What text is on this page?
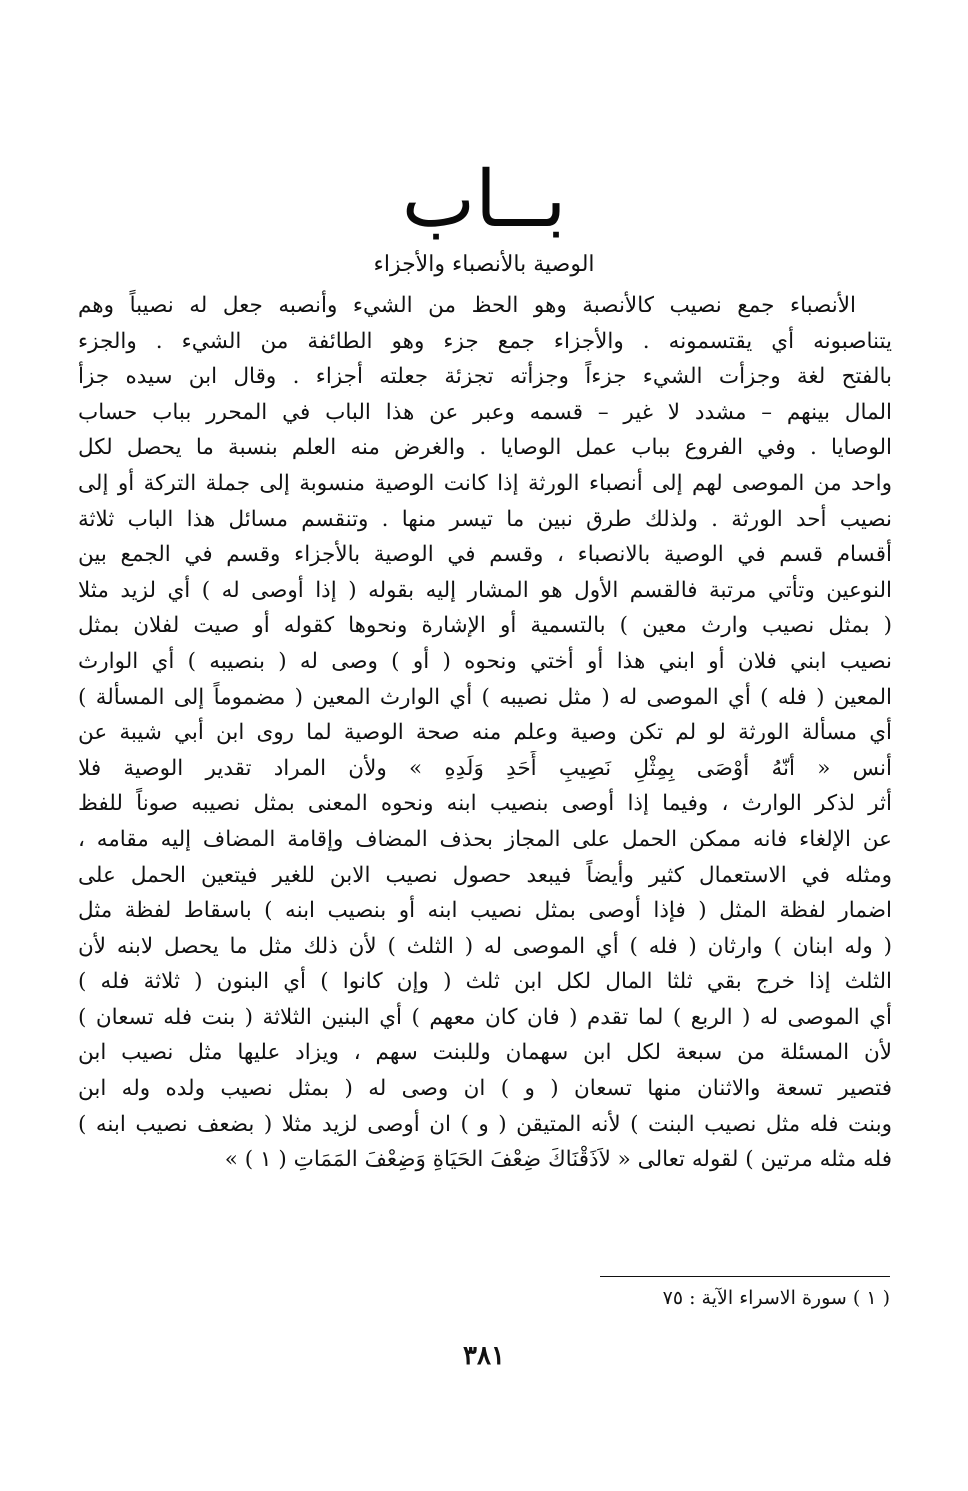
بــاب
الوصية بالأنصباء والأجزاء
الأنصباء جمع نصيب كالأنصبة وهو الحظ من الشيء وأنصبه جعل له نصيباً وهم
يتناصبونه أي يقتسمونه . والأجزاء جمع جزء وهو الطائفة من الشيء . والجزء
بالفتح لغة وجزأت الشيء جزءاً وجزأته تجزئة جعلته أجزاء . وقال ابن سيده جزأ
المال بينهم – مشدد لا غير – قسمه وعبر عن هذا الباب في المحرر بباب حساب
الوصايا . وفي الفروع بباب عمل الوصايا . والغرض منه العلم بنسبة ما يحصل لكل
واحد من الموصى لهم إلى أنصباء الورثة إذا كانت الوصية منسوبة إلى جملة التركة أو إلى
نصيب أحد الورثة . ولذلك طرق نبين ما تيسر منها . وتنقسم مسائل هذا الباب ثلاثة
أقسام قسم في الوصية بالانصباء ، وقسم في الوصية بالأجزاء وقسم في الجمع بين
النوعين وتأتي مرتبة فالقسم الأول هو المشار إليه بقوله ( إذا أوصى له ) أي لزيد مثلا
( بمثل نصيب وارث معين ) بالتسمية أو الإشارة ونحوها كقوله أو صيت لفلان بمثل
نصيب ابني فلان أو ابني هذا أو أختي ونحوه ( أو ) وصى له ( بنصيبه ) أي الوارث
المعين ( فله ) أي الموصى له ( مثل نصيبه ) أي الوارث المعين ( مضموماً إلى المسألة )
أي مسألة الورثة لو لم تكن وصية وعلم منه صحة الوصية لما روى ابن أبي شيبة عن
أنس « أنّهُ أوْصَى بِمِثْلِ نَصِيبِ أَحَدِ وَلَدِهِ » ولأن المراد تقدير الوصية فلا
أثر لذكر الوارث ، وفيما إذا أوصى بنصيب ابنه ونحوه المعنى بمثل نصيبه صوناً للفظ
عن الإلغاء فانه ممكن الحمل على المجاز بحذف المضاف وإقامة المضاف إليه مقامه ،
ومثله في الاستعمال كثير وأيضاً فيبعد حصول نصيب الابن للغير فيتعين الحمل على
اضمار لفظة المثل ( فإذا أوصى بمثل نصيب ابنه أو بنصيب ابنه ) باسقاط لفظة مثل
( وله ابنان ) وارثان ( فله ) أي الموصى له ( الثلث ) لأن ذلك مثل ما يحصل لابنه لأن
الثلث إذا خرج بقي ثلثا المال لكل ابن ثلث ( وإن كانوا ) أي البنون ( ثلاثة فله )
أي الموصى له ( الربع ) لما تقدم ( فان كان معهم ) أي البنين الثلاثة ( بنت فله تسعان )
لأن المسئلة من سبعة لكل ابن سهمان وللبنت سهم ، ويزاد عليها مثل نصيب ابن
فتصير تسعة والاثنان منها تسعان ( و ) ان وصى له ( بمثل نصيب ولده وله ابن
وبنت فله مثل نصيب البنت ) لأنه المتيقن ( و ) ان أوصى لزيد مثلا ( بضعف نصيب ابنه )
فله مثله مرتين ) لقوله تعالى « لاَذَقْنَاكَ ضِعْفَ الحَيَاةِ وَضِعْفَ المَمَاتِ ( ١ ) »
( ١ ) سورة الاسراء الآية : ٧٥
٣٨١
